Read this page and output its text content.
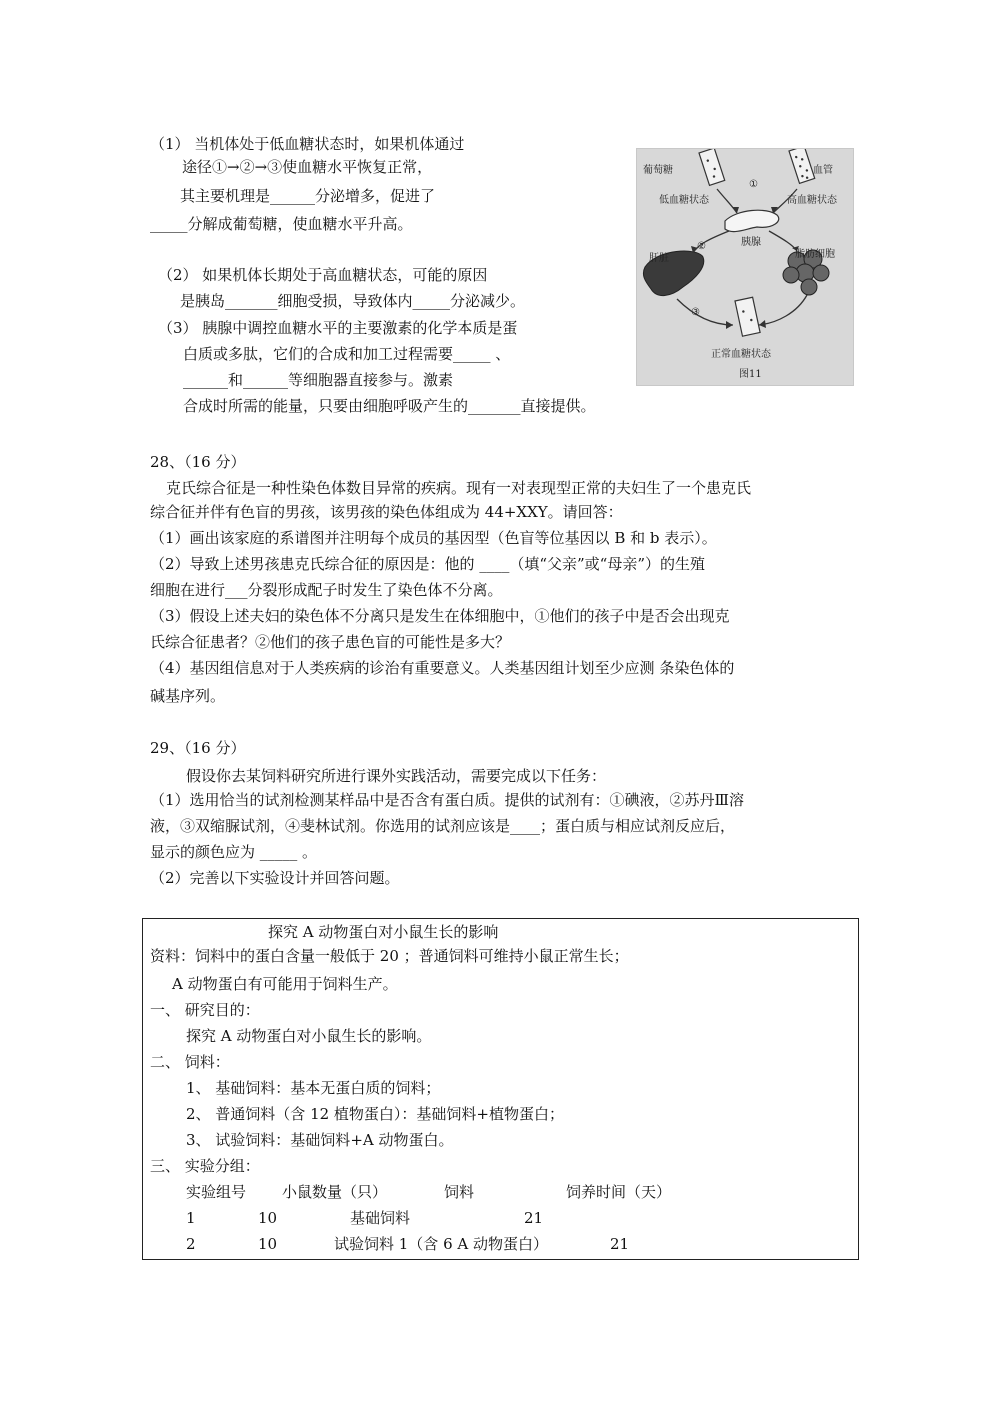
（1） 当机体处于低血糖状态时，如果机体通过
途径①→②→③使血糖水平恢复正常，
其主要机理是______分泌增多，促进了
_____分解成葡萄糖，使血糖水平升高。
（2） 如果机体长期处于高血糖状态，可能的原因
是胰岛_______细胞受损，导致体内_____分泌减少。
（3） 胰腺中调控血糖水平的主要激素的化学本质是蛋
白质或多肽，它们的合成和加工过程需要_____ 、
______和______等细胞器直接参与。激素
合成时所需的能量，只要由细胞呼吸产生的_______直接提供。
葡萄糖	血管
低血糖状态	高血糖状态
①
胰腺
②
肝脏	脂肪细胞
③
正常血糖状态
图11
28、（16 分）
克氏综合征是一种性染色体数目异常的疾病。现有一对表现型正常的夫妇生了一个患克氏
综合征并伴有色盲的男孩，该男孩的染色体组成为 44+XXY。请回答：
（1）画出该家庭的系谱图并注明每个成员的基因型（色盲等位基因以 B 和 b 表示）。
（2）导致上述男孩患克氏综合征的原因是：他的 ____（填“父亲”或“母亲”）的生殖
细胞在进行___分裂形成配子时发生了染色体不分离。
（3）假设上述夫妇的染色体不分离只是发生在体细胞中，①他们的孩子中是否会出现克
氏综合征患者？②他们的孩子患色盲的可能性是多大？
（4）基因组信息对于人类疾病的诊治有重要意义。人类基因组计划至少应测 条染色体的
碱基序列。
29、（16 分）
假设你去某饲料研究所进行课外实践活动，需要完成以下任务：
（1）选用恰当的试剂检测某样品中是否含有蛋白质。提供的试剂有：①碘液，②苏丹Ⅲ溶
液，③双缩脲试剂，④斐林试剂。你选用的试剂应该是____；蛋白质与相应试剂反应后，
显示的颜色应为 _____ 。
（2）完善以下实验设计并回答问题。
探究 A 动物蛋白对小鼠生长的影响
资料：饲料中的蛋白含量一般低于 20 ；普通饲料可维持小鼠正常生长；
A 动物蛋白有可能用于饲料生产。
一、 研究目的：
探究 A 动物蛋白对小鼠生长的影响。
二、 饲料：
1、 基础饲料：基本无蛋白质的饲料；
2、 普通饲料（含 12 植物蛋白）：基础饲料+植物蛋白；
3、 试验饲料：基础饲料+A 动物蛋白。
三、 实验分组：
实验组号 小鼠数量（只）	饲料	饲养时间（天）
1	10	基础饲料	21
2	10	试验饲料 1（含 6 A 动物蛋白）	21
